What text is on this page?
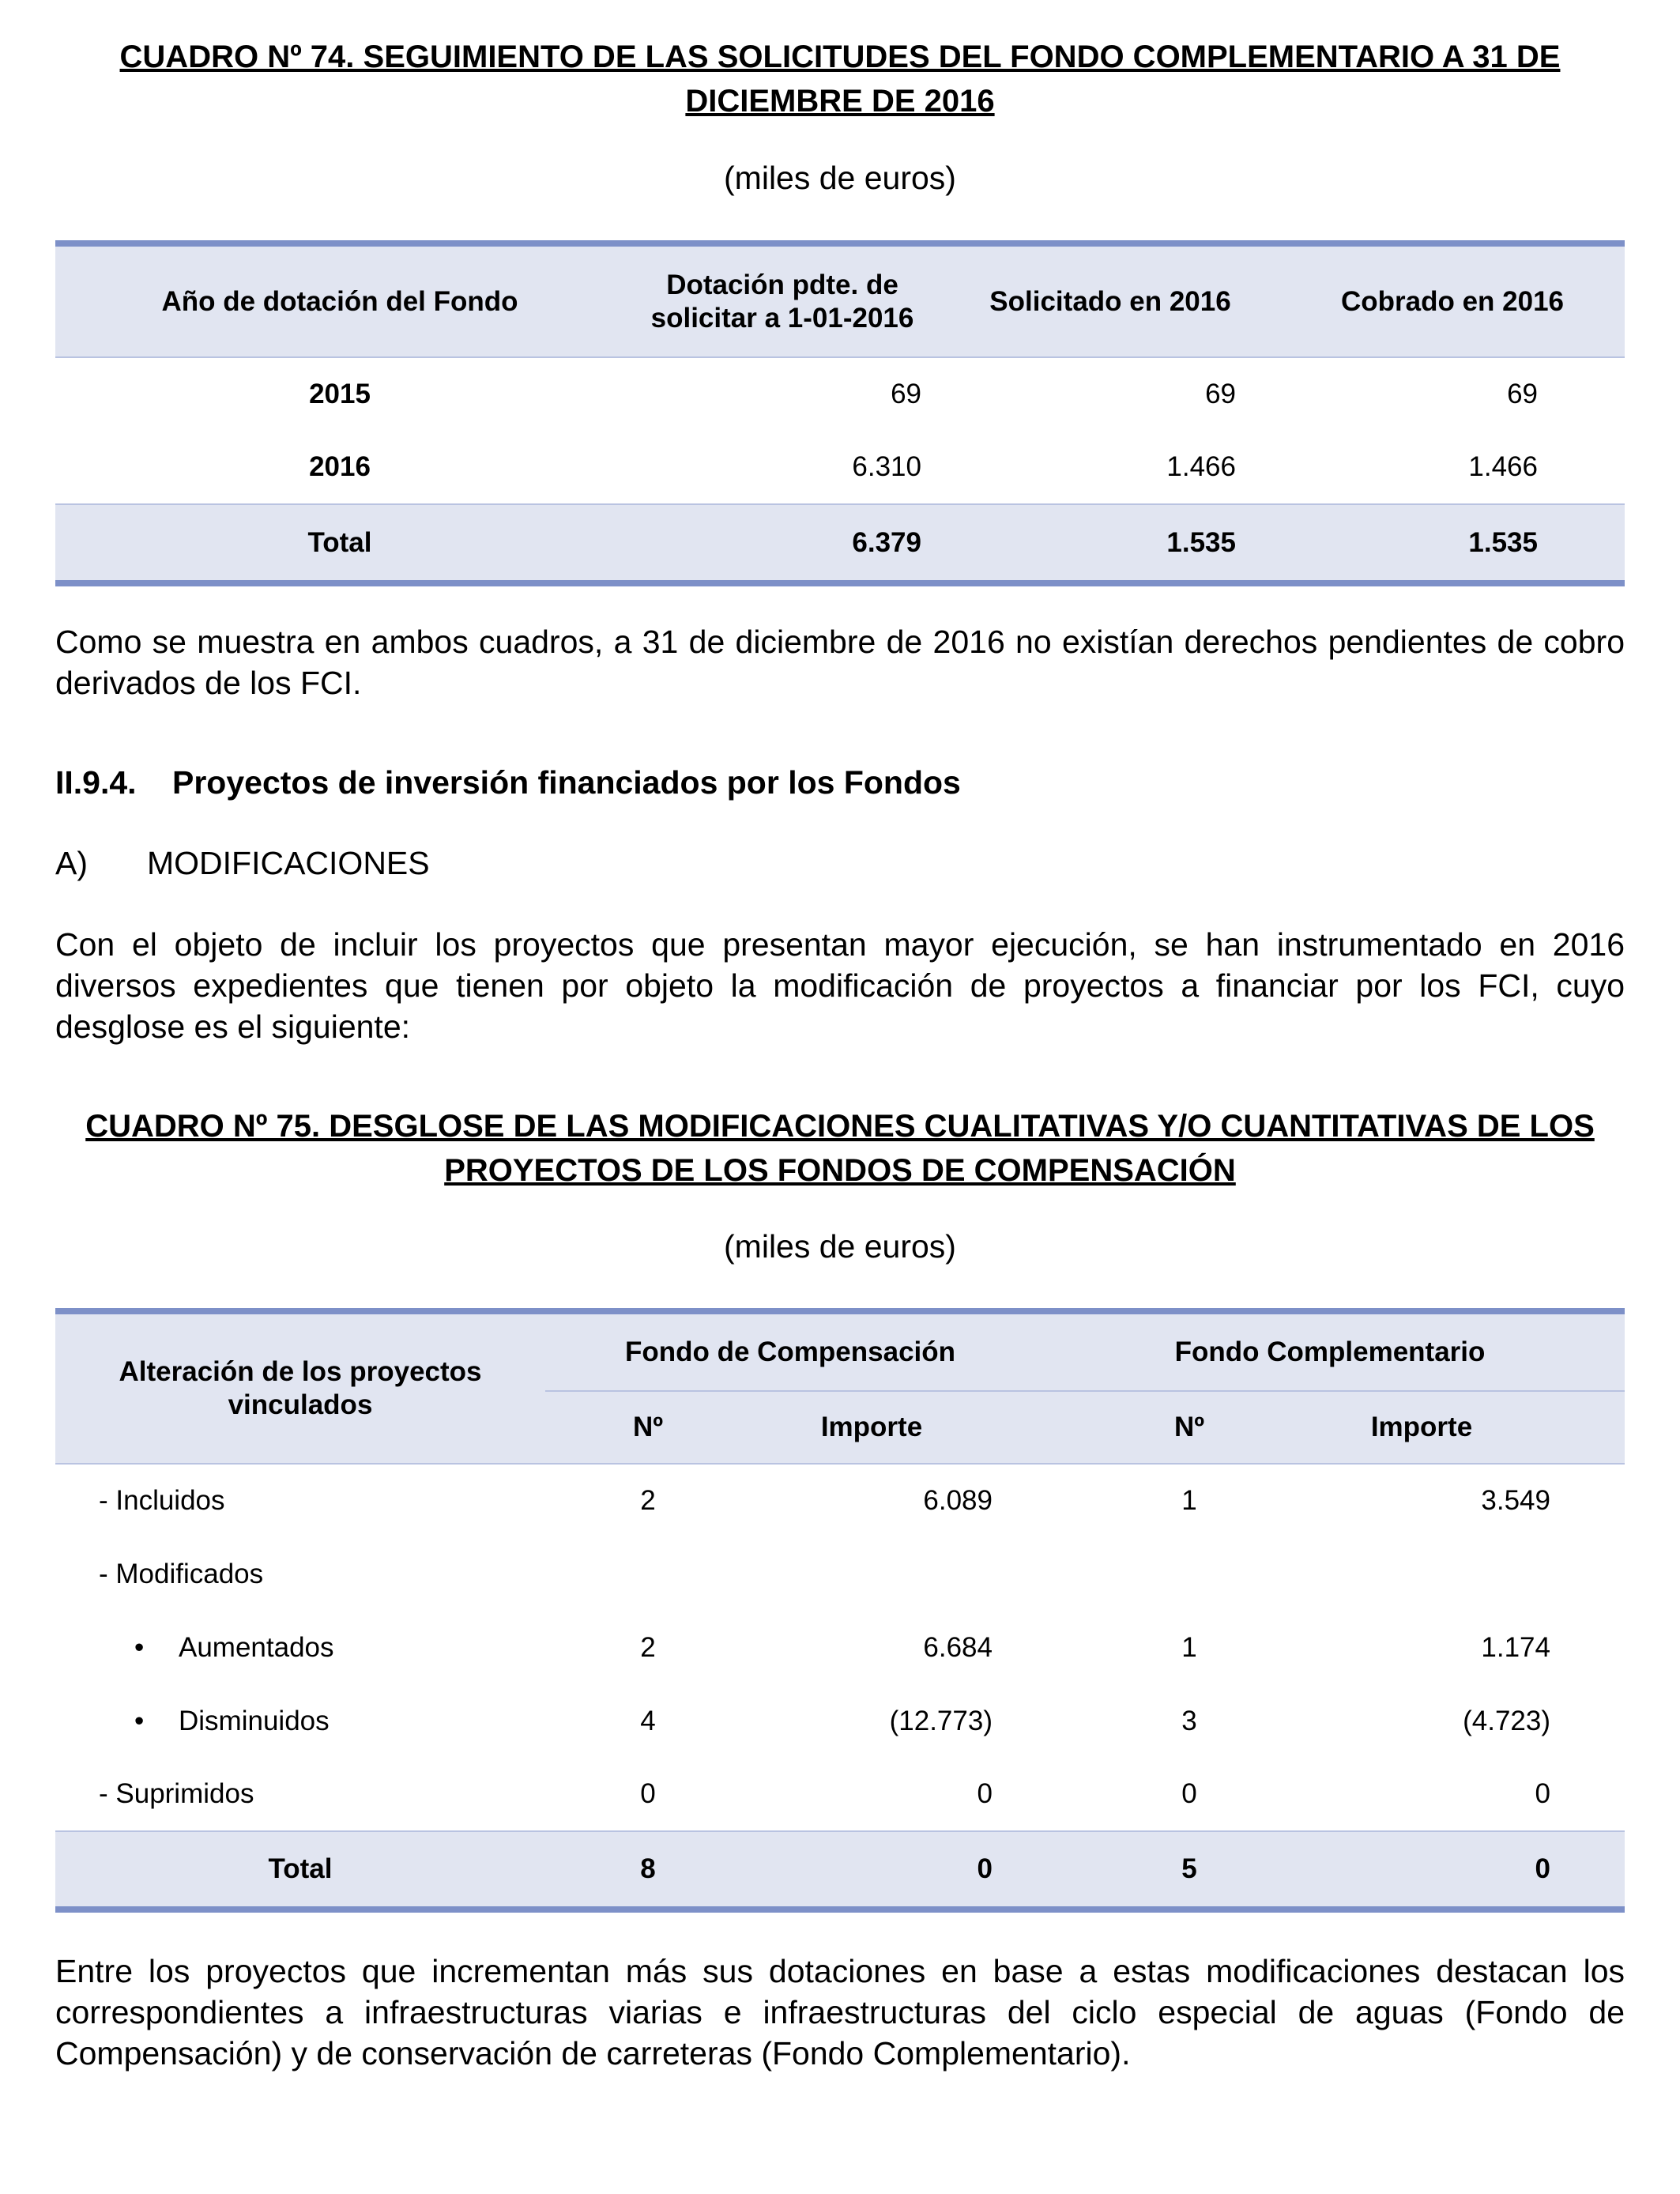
CUADRO Nº 74. SEGUIMIENTO DE LAS SOLICITUDES DEL FONDO COMPLEMENTARIO A 31 DE DICIEMBRE DE 2016
(miles de euros)

Año de dotación del Fondo	Dotación pdte. de solicitar a 1-01-2016	Solicitado en 2016	Cobrado en 2016
2015	69	69	69
2016	6.310	1.466	1.466
Total	6.379	1.535	1.535

Como se muestra en ambos cuadros, a 31 de diciembre de 2016 no existían derechos pendientes de cobro derivados de los FCI.
II.9.4. Proyectos de inversión financiados por los Fondos
A) MODIFICACIONES
Con el objeto de incluir los proyectos que presentan mayor ejecución, se han instrumentado en 2016 diversos expedientes que tienen por objeto la modificación de proyectos a financiar por los FCI, cuyo desglose es el siguiente:
CUADRO Nº 75. DESGLOSE DE LAS MODIFICACIONES CUALITATIVAS Y/O CUANTITATIVAS DE LOS PROYECTOS DE LOS FONDOS DE COMPENSACIÓN
(miles de euros)

Alteración de los proyectos vinculados	Fondo de Compensación		Fondo Complementario	
	Nº	Importe	Nº	Importe
- Incluidos	2	6.089	1	3.549
- Modificados				
• Aumentados	2	6.684	1	1.174
• Disminuidos	4	(12.773)	3	(4.723)
- Suprimidos	0	0	0	0
Total	8	0	5	0

Entre los proyectos que incrementan más sus dotaciones en base a estas modificaciones destacan los correspondientes a infraestructuras viarias e infraestructuras del ciclo especial de aguas (Fondo de Compensación) y de conservación de carreteras (Fondo Complementario).
